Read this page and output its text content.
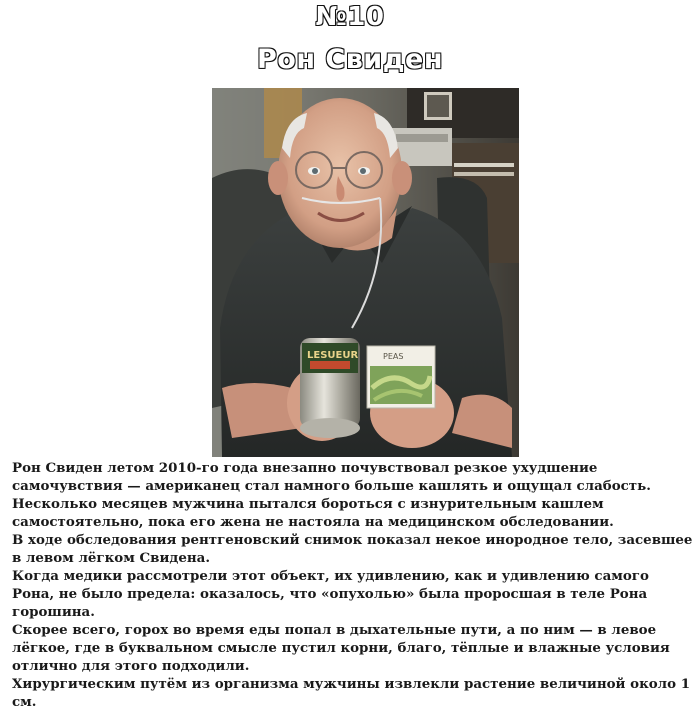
№10
Рон Свиден
LESUEUR	PEAS

Рон Свиден летом 2010-го года внезапно почувствовал резкое ухудшение самочувствия — американец стал намного больше кашлять и ощущал слабость. Несколько месяцев мужчина пытался бороться с изнурительным кашлем самостоятельно, пока его жена не настояла на медицинском обследовании.

В ходе обследования рентгеновский снимок показал некое инородное тело, засевшее в левом лёгком Свидена.

Когда медики рассмотрели этот объект, их удивлению, как и удивлению самого Рона, не было предела: оказалось, что «опухолью» была проросшая в теле Рона горошина.

Скорее всего, горох во время еды попал в дыхательные пути, а по ним — в левое лёгкое, где в буквальном смысле пустил корни, благо, тёплые и влажные условия отлично для этого подходили.

Хирургическим путём из организма мужчины извлекли растение величиной около 1 см.
